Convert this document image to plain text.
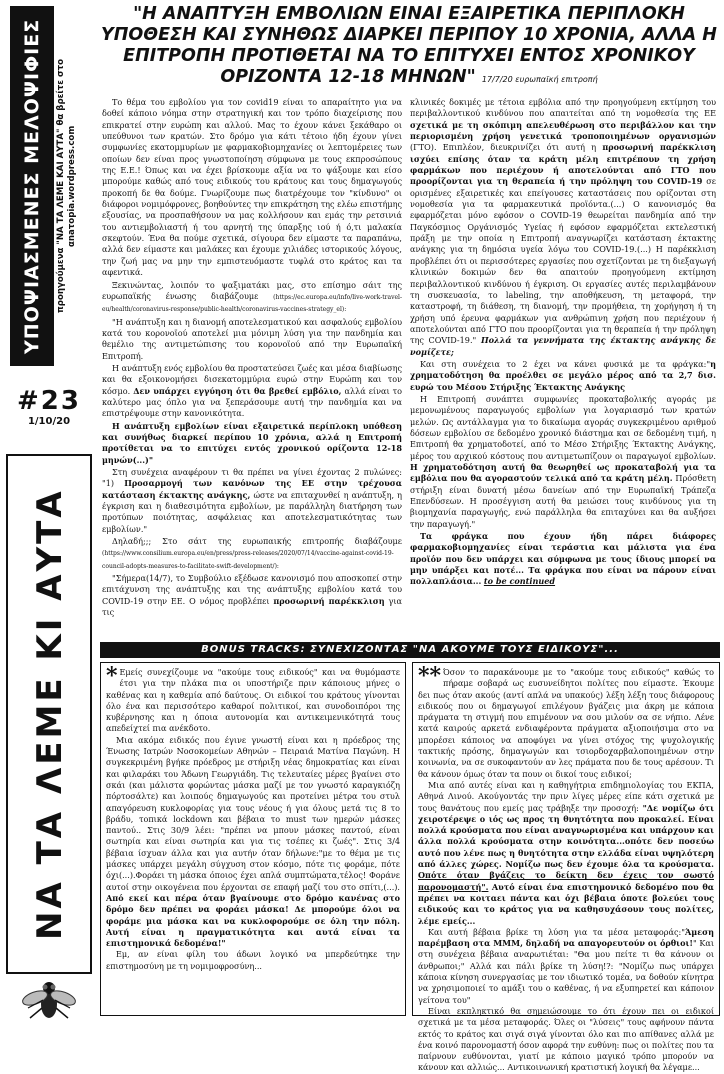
ΥΠΟΨΙΑΣΜΕΝΕΣ ΜΕΛΟΨΙΦΙΕΣ	προηγούμενα "ΝΑ ΤΑ ΛΕΜΕ ΚΑΙ ΑΥΤΑ" θα βρείτε στο αnaτopia.wordpress.com
#23
1/10/20
ΝΑ ΤΑ ΛΕΜΕ ΚΙ ΑΥΤΑ
"Η ΑΝΑΠΤΥΞΗ ΕΜΒΟΛΙΩΝ ΕΙΝΑΙ ΕΞΑΙΡΕΤΙΚΑ ΠΕΡΙΠΛΟΚΗ ΥΠΟΘΕΣΗ ΚΑΙ ΣΥΝΗΘΩΣ ΔΙΑΡΚΕΙ ΠΕΡΙΠΟΥ 10 ΧΡΟΝΙΑ, ΑΛΛΑ Η ΕΠΙΤΡΟΠΗ ΠΡΟΤΙΘΕΤΑΙ ΝΑ ΤΟ ΕΠΙΤΥΧΕΙ ΕΝΤΟΣ ΧΡΟΝΙΚΟΥ ΟΡΙΖΟΝΤΑ 12-18 ΜΗΝΩΝ" 17/7/20 ευρωπαϊκή επιτροπή

Το θέμα του εμβολίου για τον covid19 είναι το απαραίτητο για να δοθεί κάποιο νόημα στην στρατηγική και τον τρόπο διαχείρισης που επικρατεί στην ευρώπη και αλλού. Μας το έχουν κάνει ξεκάθαρο οι υπεύθυνοι των κρατών. Στο δρόμο για κάτι τέτοιο ήδη έχουν γίνει συμφωνίες εκατομμυρίων με φαρμακοβιομηχανίες οι λεπτομέρειες των οποίων δεν είναι προς γνωστοποίηση σύμφωνα με τους εκπροσώπους της Ε.Ε.! Όπως και να έχει βρίσκουμε αξία να το ψάξουμε και είσο μπορούμε καθώς από τους ειδικούς του κράτους και τους δημαγωγούς προκοπή δε θα δούμε. Γνωρίζουμε πως διατρέχουμε τον "κίνδυνο" οι διάφοροι νομιμόφρονες, βοηθούντες την επικράτηση της ελέω επιστήμης εξουσίας, να προσπαθήσουν να μας κολλήσουν και εμάς την ρετσινιά του αντιεμβολιαστή ή του αρνητή της ύπαρξης ιού ή ό,τι μαλακία σκεφτούν. Ένα θα πούμε σχετικά, σίγουρα δεν είμαστε τα παραπάνω, αλλά δεν είμαστε και μαλάκες και έχουμε χιλιάδες ιστορικούς λόγους, την ζωή μας να μην την εμπιστευόμαστε τυφλά στο κράτος και τα αφεντικά.

Ξεκινώντας, λοιπόν το ψαξιματάκι μας, στο επίσημο σάιτ της ευρωπαϊκής ένωσης διαβάζουμε (https://ec.europa.eu/info/live-work-travel-eu/health/coronavirus-response/public-health/coronavirus-vaccines-strategy_el):

"Η ανάπτυξη και η διανομή αποτελεσματικού και ασφαλούς εμβολίου κατά του κορονοϊού αποτελεί μια μόνιμη λύση για την πανδημία και θεμέλιο της αντιμετώπισης του κορονοϊού από την Ευρωπαϊκή Επιτροπή.

Η ανάπτυξη ενός εμβολίου θα προστατεύσει ζωές και μέσα διαβίωσης και θα εξοικονομήσει δισεκατομμύρια ευρώ στην Ευρώπη και τον κόσμο. Δεν υπάρχει εγγύηση ότι θα βρεθεί εμβόλιο, αλλά είναι το καλύτερο μας όπλο για να ξεπεράσουμε αυτή την πανδημία και να επιστρέψουμε στην κανονικότητα.

Η ανάπτυξη εμβολίων είναι εξαιρετικά περίπλοκη υπόθεση και συνήθως διαρκεί περίπου 10 χρόνια, αλλά η Επιτροπή προτίθεται να το επιτύχει εντός χρονικού ορίζοντα 12-18 μηνών(...)"

Στη συνέχεια αναφέρουν τι θα πρέπει να γίνει έχοντας 2 πυλώνες: "1) Προσαρμογή των κανόνων της ΕΕ στην τρέχουσα κατάσταση έκτακτης ανάγκης, ώστε να επιταχυνθεί η ανάπτυξη, η έγκριση και η διαθεσιμότητα εμβολίων, με παράλληλη διατήρηση των προτύπων ποιότητας, ασφάλειας και αποτελεσματικότητας των εμβολίων."

Δηλαδή;;; Στο σάιτ της ευρωπαικής επιτροπής διαβάζουμε (https://www.consilium.europa.eu/en/press/press-releases/2020/07/14/vaccine-against-covid-19-council-adopts-measures-to-facilitate-swift-development/):

"Σήμερα(14/7), το Συμβούλιο εξέδωσε κανονισμό που αποσκοπεί στην επιτάχυνση της ανάπτυξης και της ανάπτυξης εμβολίου κατά του COVID-19 στην ΕΕ. Ο νόμος προβλέπει προσωρινή παρέκκλιση για τις

κλινικές δοκιμές με τέτοια εμβόλια από την προηγούμενη εκτίμηση του περιβαλλοντικού κινδύνου που απαιτείται από τη νομοθεσία της ΕΕ σχετικά με τη σκόπιμη απελευθέρωση στο περιβάλλον και την περιορισμένη χρήση γενετικά τροποποιημένων οργανισμών (ΓΤΟ). Επιπλέον, διευκρινίζει ότι αυτή η προσωρινή παρέκκλιση ισχύει επίσης όταν τα κράτη μέλη επιτρέπουν τη χρήση φαρμάκων που περιέχουν ή αποτελούνται από ΓΤΟ που προορίζονται για τη θεραπεία ή την πρόληψη του COVID-19 σε ορισμένες εξαιρετικές και επείγουσες καταστάσεις που ορίζονται στη νομοθεσία για τα φαρμακευτικά προϊόντα.(...) Ο κανονισμός θα εφαρμόζεται μόνο εφόσον ο COVID-19 θεωρείται πανδημία από την Παγκόσμιος Οργάνισμός Υγείας ή εφόσον εφαρμόζεται εκτελεστική πράξη με την οποία η Επιτροπή αναγνωρίζει κατάσταση έκτακτης ανάγκης για τη δημόσια υγεία λόγω του COVID-19.(...) Η παρέκκλιση προβλέπει ότι οι περισσότερες εργασίες που σχετίζονται με τη διεξαγωγή κλινικών δοκιμών δεν θα απαιτούν προηγούμενη εκτίμηση περιβαλλοντικού κινδύνου ή έγκριση. Οι εργασίες αυτές περιλαμβάνουν τη συσκευασία, το labeling, την αποθήκευση, τη μεταφορά, την καταστροφή, τη διάθεση, τη διανομή, την προμήθεια, τη χορήγηση ή τη χρήση υπό έρευνα φαρμάκων για ανθρώπινη χρήση που περιέχουν ή αποτελούνται από ΓΤΟ που προορίζονται για τη θεραπεία ή την πρόληψη της COVID-19." Πολλά τα γεννήματα της έκτακτης ανάγκης δε νομίζετε;

Και στη συνέχεια το 2 έχει να κάνει φυσικά με τα φράγκα:"η χρηματοδότηση θα προέλθει σε μεγάλο μέρος από τα 2,7 δισ. ευρώ του Μέσου Στήριξης Έκτακτης Ανάγκης

Η Επιτροπή συνάπτει συμφωνίες προκαταβολικής αγοράς με μεμονωμένους παραγωγούς εμβολίων για λογαριασμό των κρατών μελών. Ως αντάλλαγμα για το δικαίωμα αγοράς συγκεκριμένου αριθμού δόσεων εμβολίου σε δεδομένο χρονικό διάστημα και σε δεδομένη τιμή, η Επιτροπή θα χρηματοδοτεί, από το Μέσο Στήριξης Έκτακτης Ανάγκης, μέρος του αρχικού κόστους που αντιμετωπίζουν οι παραγωγοί εμβολίων. Η χρηματοδότηση αυτή θα θεωρηθεί ως προκαταβολή για τα εμβόλια που θα αγοραστούν τελικά από τα κράτη μέλη. Πρόσθετη στήριξη είναι δυνατή μέσω δανείων από την Ευρωπαϊκή Τράπεζα Επενδύσεων. Η προσέγγιση αυτή θα μειώσει τους κινδύνους για τη βιομηχανία παραγωγής, ενώ παράλληλα θα επιταχύνει και θα αυξήσει την παραγωγή."

Τα φράγκα που έχουν ήδη πάρει διάφορες φαρμακοβιομηχανίες είναι τεράστια και μάλιστα για ένα προϊόν που δεν υπάρχει και σύμφωνα με τους ίδιους μπορεί να μην υπάρξει και ποτέ... Τα φράγκα που είναι να πάρουν είναι πολλαπλάσια... to be continued

BONUS TRACKS: ΣΥΝΕΧΙΖΟΝΤΑΣ "ΝΑ ΑΚΟΥΜΕ ΤΟΥΣ ΕΙΔΙΚΟΥΣ"...
* Εμείς συνεχίζουμε να "ακούμε τους ειδικούς" και να θυμόμαστε έτσι για την πλάκα πια οι υποστήριζε πριν κάποιους μήνες ο καθένας και η καθεμία από δαύτους. Οι ειδικοί του κράτους γίνονται όλο ένα και περισσότερο καθαροί πολιτικοί, και συνοδοιπόροι της κυβέρνησης και η όποια αυτονομία και αντικειμενικότητά τους απεδείχτεί πια ανέκδοτο.

Μια ακόμα ειδικός που έγινε γνωστή είναι και η πρόεδρος της Ένωσης Ιατρών Νοσοκομείων Αθηνών – Πειραιά Ματίνα Παγώνη. Η συγκεκριμένη βγήκε πρόεδρος με στήριξη νέας δημοκρατίας και είναι και φιλαράκι του Άδωνη Γεωργιάδη. Τις τελευταίες μέρες βγαίνει στο σκάι (και μάλιστα φορώντας μάσκα μαζί με τον γνωστό καραγκιόζη πόρτοσάλτε) και λοιπούς δημαγωγούς και προτείνει μέτρα του στυλ απαγόρευση κυκλοφορίας για τους νέους ή για όλους μετά τις 8 το βράδυ, τοπικά lockdown και βέβαια το must των ημερών μάσκες παντού.. Στις 30/9 λέει: "πρέπει να μπουν μάσκες παντού, είναι σωτηρία και είναι σωτηρία και για τις τσέπες κι ζωές". Στις 3/4 βέβαια ίσχυαν άλλα και για αυτήν όταν δήλωνε:"με το θέμα με τις μάσκες υπάρχει μεγάλη σύγχυση στον κόσμο, πότε τις φοράμε, πότε όχι(...).Φοράει τη μάσκα όποιος έχει απλά συμπτώματα,τέλος! Φοράνε αυτοί στην οικογένεια που έρχονται σε επαφή μαζί του στο σπίτι,(...). Από εκεί και πέρα όταν βγαίνουμε στο δρόμο κανένας στο δρόμο δεν πρέπει να φοράει μάσκα! Δε μπορούμε όλοι να φοράμε μια μάσκα και να κυκλοφορούμε σε όλη την πόλη. Αυτή είναι η πραγματικότητα και αυτά είναι τα επιστημονικά δεδομένα!"

Εμ, αν είναι φίλη του άδωνι λογικό να μπερδεύτηκε την επιστημοσύνη με τη νομιμοφροσύνη...

** Όσον το παρακάνουμε με το "ακούμε τους ειδικούς" καθώς το πήραμε σοβαρά ως ευσυνείδητοι πολίτες που είμαστε. Έκουμε δει πως όταν ακούς (αντί απλά να υπακούς) λέξη λέξη τους διάφορους ειδικούς που οι δημαγωγοί επιλέγουν βγάζεις μια άκρη με κάποια πράγματα τη στιγμή που επιμένουν να σου μιλούν σα σε νήπιο. Λένε κατά καιρούς αρκετά ενδιαφέροντα πράγματα αξιοποιήσιμα στο να μπορέσει κάποιος να αποφύγει να γίνει στόχος της ψυχολογικής τακτικής πρόσης, δημαγωγών και τσιορδοχαρβαλοποιημένων στην κοινωνία, να σε συκοφαντούν αν λες πράματα που δε τους αρέσουν. Τι θα κάνουν όμως όταν τα πουν οι δικοί τους ειδικοί;

Μια από αυτές είναι και η καθηγήτρια επιδημιολογίας του ΕΚΠΑ, Αθηνά Λινού. Ακούγοντάς την πριν λίγες μέρες είπε κάτι σχετικά με τους θανάτους που εμείς μας τράβηξε την προσοχή: "Δε νομίζω ότι χειροτέρεψε ο ιός ως προς τη θνητότητα που προκαλεί. Είναι πολλά κρούσματα που είναι αναγνωρισμένα και υπάρχουν και άλλα πολλά κρούσματα στην κοινότητα...οπότε δεν ποσεύω αυτό που λένε πως η θνητότητα στην ελλάδα είναι υψηλότερη από άλλες χώρες. Νομίζω πως δεν έχουμε όλα τα κρούσματα. Οπότε όταν βγάζεις το δείκτη δεν έχεις τον σωστό παρονομαστή". Αυτό είναι ένα επιστημονικό δεδομένο που θα πρέπει να κοιταει πάντα και όχι βέβαια όποτε βολεύει τους ειδικούς και το κράτος για να καθησυχάσουν τους πολίτες, λέμε εμείς...

Και αυτή βέβαια βρίκε τη λύση για τα μέσα μεταφοράς:"Άμεση παρέμβαση στα ΜΜΜ, δηλαδή να απαγορευτούν οι όρθιοι!" Και στη συνέχεια βέβαια αναρωτιέται: "Θα μου πείτε τι θα κάνουν οι άνθρωποι;" Αλλά και πάλι βρίκε τη λύση!?: "Νομίζω πως υπάρχει κάποια κίνηση συνεργασίας με τον ιδιωτικό τομέα, να δοθούν κίνητρα να χρησιμοποιεί το αμάξι του ο καθένας, ή να εξυπηρετεί και κάποιον γείτονα του"

Είναι εκπληκτικό θα σημειώσουμε το ότι έχουν πει οι ειδικοί σχετικά με τα μέσα μεταφοράς. Όλες οι "λύσεις" τους αφήνουν πάντα εκτός το κράτος και σιγά σιγά γίνονται όλο και πιο απίθανες αλλά με ένα κοινό παρονομαστή όσον αφορά την ευθύνη: πως οι πολίτες που τα παίρνουν ευθύνονται, γιατί με κάποιο μαγικό τρόπο μπορούν να κάνουν και αλλιώς... Αντικοινωνική κρατιστική λογική θα λέγαμε...
